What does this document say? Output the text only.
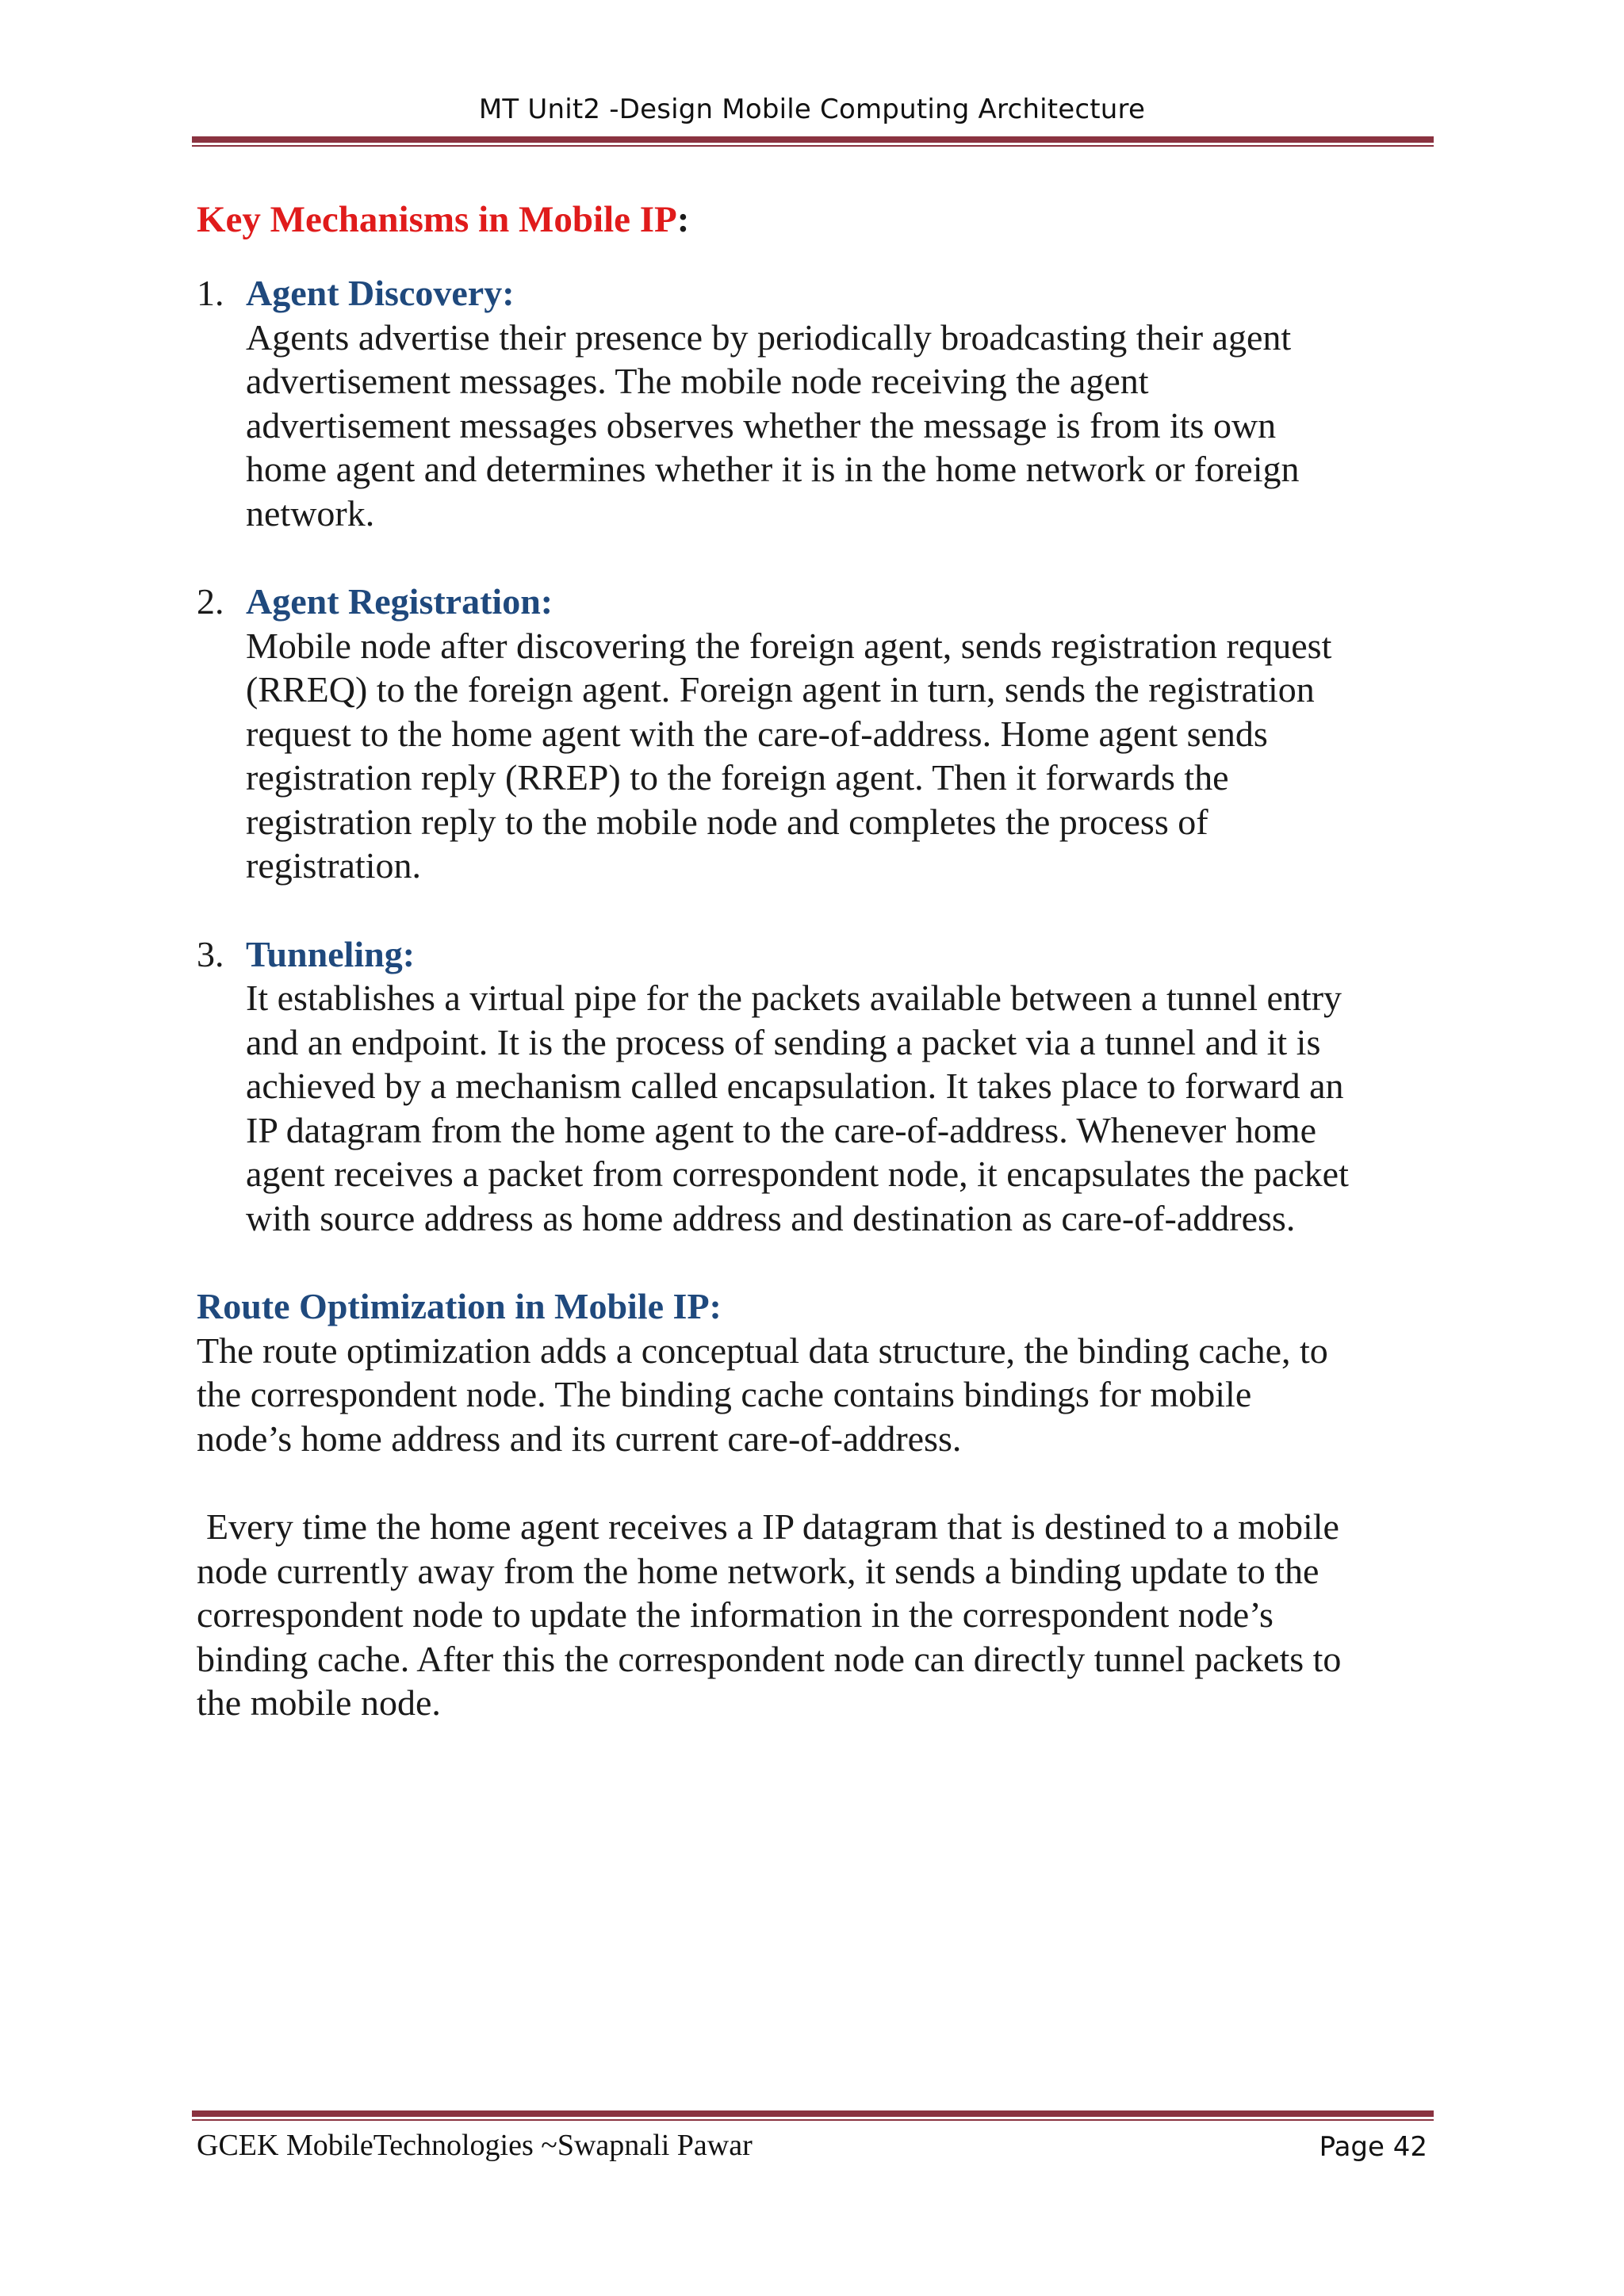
MT Unit2 -Design Mobile Computing Architecture
Key Mechanisms in Mobile IP:
1. Agent Discovery:
Agents advertise their presence by periodically broadcasting their agent
advertisement messages. The mobile node receiving the agent
advertisement messages observes whether the message is from its own
home agent and determines whether it is in the home network or foreign
network.
2. Agent Registration:
Mobile node after discovering the foreign agent, sends registration request
(RREQ) to the foreign agent. Foreign agent in turn, sends the registration
request to the home agent with the care-of-address. Home agent sends
registration reply (RREP) to the foreign agent. Then it forwards the
registration reply to the mobile node and completes the process of
registration.
3. Tunneling:
It establishes a virtual pipe for the packets available between a tunnel entry
and an endpoint. It is the process of sending a packet via a tunnel and it is
achieved by a mechanism called encapsulation. It takes place to forward an
IP datagram from the home agent to the care-of-address. Whenever home
agent receives a packet from correspondent node, it encapsulates the packet
with source address as home address and destination as care-of-address.
Route Optimization in Mobile IP:
The route optimization adds a conceptual data structure, the binding cache, to
the correspondent node. The binding cache contains bindings for mobile
node’s home address and its current care-of-address.
Every time the home agent receives a IP datagram that is destined to a mobile
node currently away from the home network, it sends a binding update to the
correspondent node to update the information in the correspondent node’s
binding cache. After this the correspondent node can directly tunnel packets to
the mobile node.
GCEK MobileTechnologies ~Swapnali Pawar	Page 42
